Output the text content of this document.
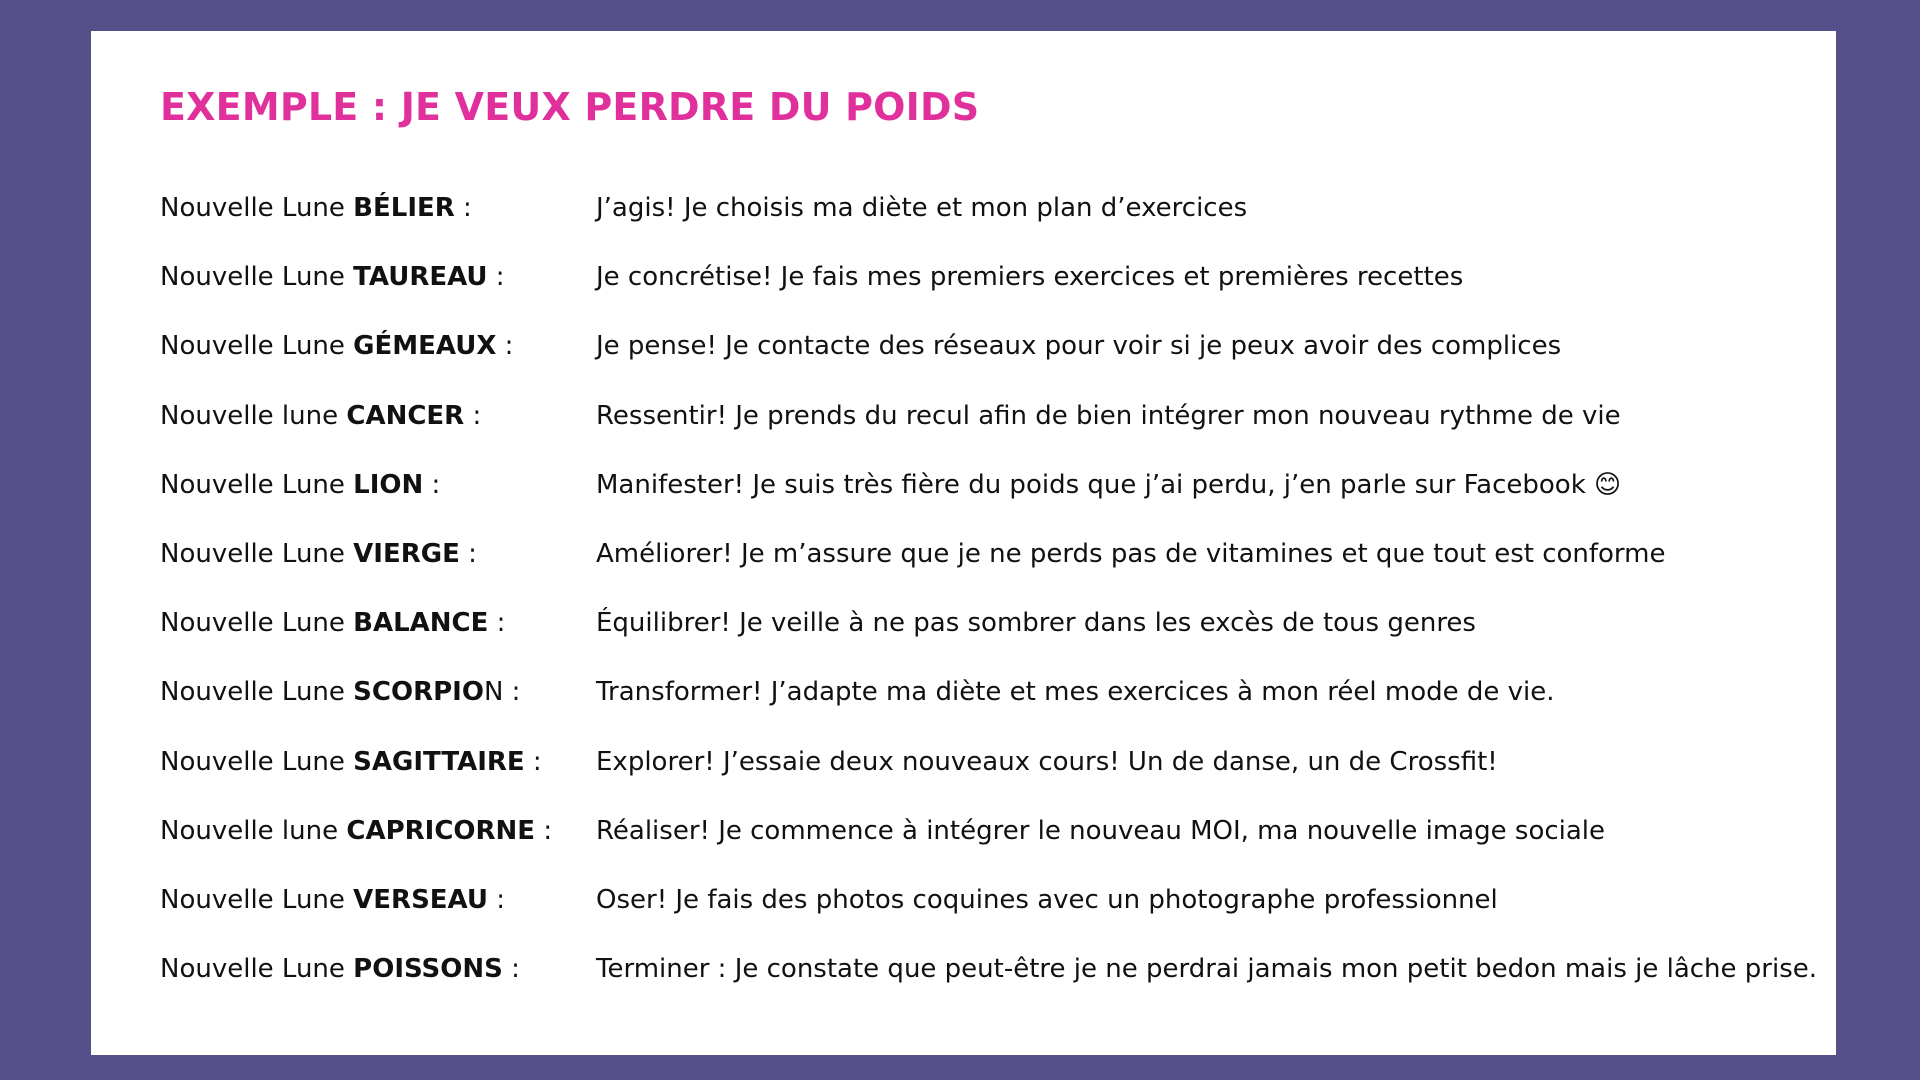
EXEMPLE : JE VEUX PERDRE DU POIDS
Nouvelle Lune BÉLIER :	J’agis! Je choisis ma diète et mon plan d’exercices
Nouvelle Lune TAUREAU :	Je concrétise! Je fais mes premiers exercices et premières recettes
Nouvelle Lune GÉMEAUX :	Je pense! Je contacte des réseaux pour voir si je peux avoir des complices
Nouvelle lune CANCER :	Ressentir! Je prends du recul afin de bien intégrer mon nouveau rythme de vie
Nouvelle Lune LION :	Manifester! Je suis très fière du poids que j’ai perdu, j’en parle sur Facebook 😊
Nouvelle Lune VIERGE :	Améliorer! Je m’assure que je ne perds pas de vitamines et que tout est conforme
Nouvelle Lune BALANCE :	Équilibrer! Je veille à ne pas sombrer dans les excès de tous genres
Nouvelle Lune SCORPION :	Transformer! J’adapte ma diète et mes exercices à mon réel mode de vie.
Nouvelle Lune SAGITTAIRE : Explorer! J’essaie deux nouveaux cours! Un de danse, un de Crossfit!
Nouvelle lune CAPRICORNE : Réaliser! Je commence à intégrer le nouveau MOI, ma nouvelle image sociale
Nouvelle Lune VERSEAU :	Oser! Je fais des photos coquines avec un photographe professionnel
Nouvelle Lune POISSONS :	Terminer : Je constate que peut-être je ne perdrai jamais mon petit bedon mais je lâche prise.
